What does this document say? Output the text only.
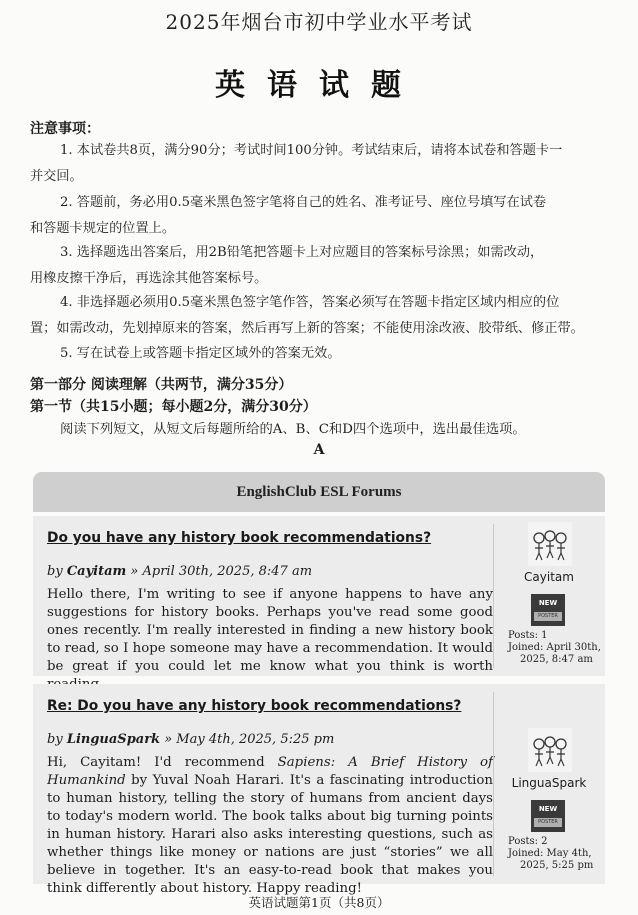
2025年烟台市初中学业水平考试
英语试题
注意事项：
1. 本试卷共8页，满分90分；考试时间100分钟。考试结束后，请将本试卷和答题卡一
并交回。
2. 答题前，务必用0.5毫米黑色签字笔将自己的姓名、准考证号、座位号填写在试卷
和答题卡规定的位置上。
3. 选择题选出答案后，用2B铅笔把答题卡上对应题目的答案标号涂黑；如需改动，
用橡皮擦干净后，再选涂其他答案标号。
4. 非选择题必须用0.5毫米黑色签字笔作答，答案必须写在答题卡指定区域内相应的位
置；如需改动，先划掉原来的答案，然后再写上新的答案；不能使用涂改液、胶带纸、修正带。
5. 写在试卷上或答题卡指定区域外的答案无效。
第一部分 阅读理解（共两节，满分35分）
第一节（共15小题；每小题2分，满分30分）
阅读下列短文，从短文后每题所给的A、B、C和D四个选项中，选出最佳选项。
A
EnglishClub ESL Forums
Do you have any history book recommendations?
by Cayitam » April 30th, 2025, 8:47 am
Hello there, I'm writing to see if anyone happens to have any suggestions for history books. Perhaps you've read some good ones recently. I'm really interested in finding a new history book to read, so I hope someone may have a recommendation. It would be great if you could let me know what you think is worth
Cayitam
NEW
POSTER
Posts: 1
Joined: April 30th,
2025, 8:47 am
Re: Do you have any history book recommendations?
by LinguaSpark » May 4th, 2025, 5:25 pm
Hi, Cayitam! I'd recommend Sapiens: A Brief History of Humankind by Yuval Noah Harari. It's a fascinating introduction to human history, telling the story of humans from ancient days to today's modern world. The book talks about big turning points in human history. Harari also asks interesting questions, such as whether things like money or nations are just “stories” we all believe in together. It's an easy-to-read book that makes you think differently about history. Happy reading!
LinguaSpark
NEW
POSTER
Posts: 2
Joined: May 4th,
2025, 5:25 pm
英语试题第1页（共8页）
